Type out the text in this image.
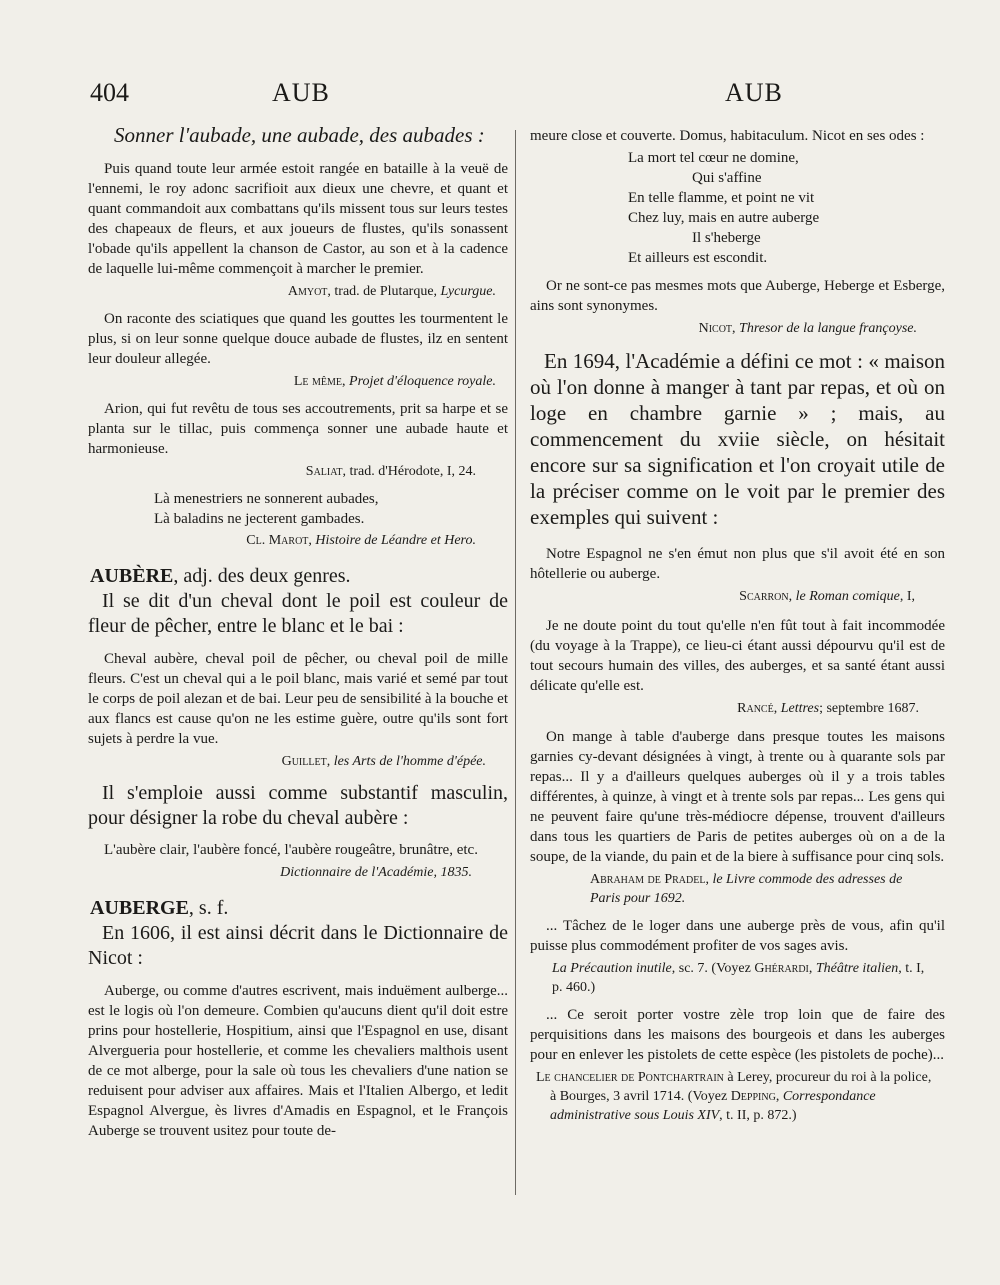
404	AUB	AUB

Sonner l'aubade, une aubade, des aubades :

Puis quand toute leur armée estoit rangée en bataille à la veuë de l'ennemi, le roy adonc sacrifioit aux dieux une chevre, et quant et quant commandoit aux combattans qu'ils missent tous sur leurs testes des chapeaux de fleurs, et aux joueurs de flustes, qu'ils sonassent l'obade qu'ils appellent la chanson de Castor, au son et à la cadence de laquelle lui-même commençoit à marcher le premier.

Amyot, trad. de Plutarque, Lycurgue.

On raconte des sciatiques que quand les gouttes les tourmentent le plus, si on leur sonne quelque douce aubade de flustes, ilz en sentent leur douleur allegée.

Le même, Projet d'éloquence royale.

Arion, qui fut revêtu de tous ses accoutrements, prit sa harpe et se planta sur le tillac, puis commença sonner une aubade haute et harmonieuse.

Saliat, trad. d'Hérodote, I, 24.

Là menestriers ne sonnerent aubades,

Là baladins ne jecterent gambades.

Cl. Marot, Histoire de Léandre et Hero.

AUBÈRE, adj. des deux genres.

Il se dit d'un cheval dont le poil est couleur de fleur de pêcher, entre le blanc et le bai :

Cheval aubère, cheval poil de pêcher, ou cheval poil de mille fleurs. C'est un cheval qui a le poil blanc, mais varié et semé par tout le corps de poil alezan et de bai. Leur peu de sensibilité à la bouche et aux flancs est cause qu'on ne les estime guère, outre qu'ils sont fort sujets à perdre la vue.

Guillet, les Arts de l'homme d'épée.

Il s'emploie aussi comme substantif masculin, pour désigner la robe du cheval aubère :

L'aubère clair, l'aubère foncé, l'aubère rougeâtre, brunâtre, etc.

Dictionnaire de l'Académie, 1835.

AUBERGE, s. f.

En 1606, il est ainsi décrit dans le Dictionnaire de Nicot :

Auberge, ou comme d'autres escrivent, mais induëment aulberge... est le logis où l'on demeure. Combien qu'aucuns dient qu'il doit estre prins pour hostellerie, Hospitium, ainsi que l'Espagnol en use, disant Alvergueria pour hostellerie, et comme les chevaliers malthois usent de ce mot alberge, pour la sale où tous les chevaliers d'une nation se reduisent pour adviser aux affaires. Mais et l'Italien Albergo, et ledit Espagnol Alvergue, ès livres d'Amadis en Espagnol, et le François Auberge se trouvent usitez pour toute de-

meure close et couverte. Domus, habitaculum. Nicot en ses odes :

La mort tel cœur ne domine,

Qui s'affine

En telle flamme, et point ne vit

Chez luy, mais en autre auberge

Il s'heberge

Et ailleurs est escondit.

Or ne sont-ce pas mesmes mots que Auberge, Heberge et Esberge, ains sont synonymes.

Nicot, Thresor de la langue françoyse.

En 1694, l'Académie a défini ce mot : « maison où l'on donne à manger à tant par repas, et où on loge en chambre garnie » ; mais, au commencement du xviie siècle, on hésitait encore sur sa signification et l'on croyait utile de la préciser comme on le voit par le premier des exemples qui suivent :

Notre Espagnol ne s'en émut non plus que s'il avoit été en son hôtellerie ou auberge.

Scarron, le Roman comique, I,

Je ne doute point du tout qu'elle n'en fût tout à fait incommodée (du voyage à la Trappe), ce lieu-ci étant aussi dépourvu qu'il est de tout secours humain des villes, des auberges, et sa santé étant aussi délicate qu'elle est.

Rancé, Lettres; septembre 1687.

On mange à table d'auberge dans presque toutes les maisons garnies cy-devant désignées à vingt, à trente ou à quarante sols par repas... Il y a d'ailleurs quelques auberges où il y a trois tables différentes, à quinze, à vingt et à trente sols par repas... Les gens qui ne peuvent faire qu'une très-médiocre dépense, trouvent d'ailleurs dans tous les quartiers de Paris de petites auberges où on a de la soupe, de la viande, du pain et de la biere à suffisance pour cinq sols.

Abraham de Pradel, le Livre commode des adresses de Paris pour 1692.

... Tâchez de le loger dans une auberge près de vous, afin qu'il puisse plus commodément profiter de vos sages avis.

La Précaution inutile, sc. 7. (Voyez Ghérardi, Théâtre italien, t. I, p. 460.)

... Ce seroit porter vostre zèle trop loin que de faire des perquisitions dans les maisons des bourgeois et dans les auberges pour en enlever les pistolets de cette espèce (les pistolets de poche)...

Le chancelier de Pontchartrain à Lerey, procureur du roi à la police, à Bourges, 3 avril 1714. (Voyez Depping, Correspondance administrative sous Louis XIV, t. II, p. 872.)
